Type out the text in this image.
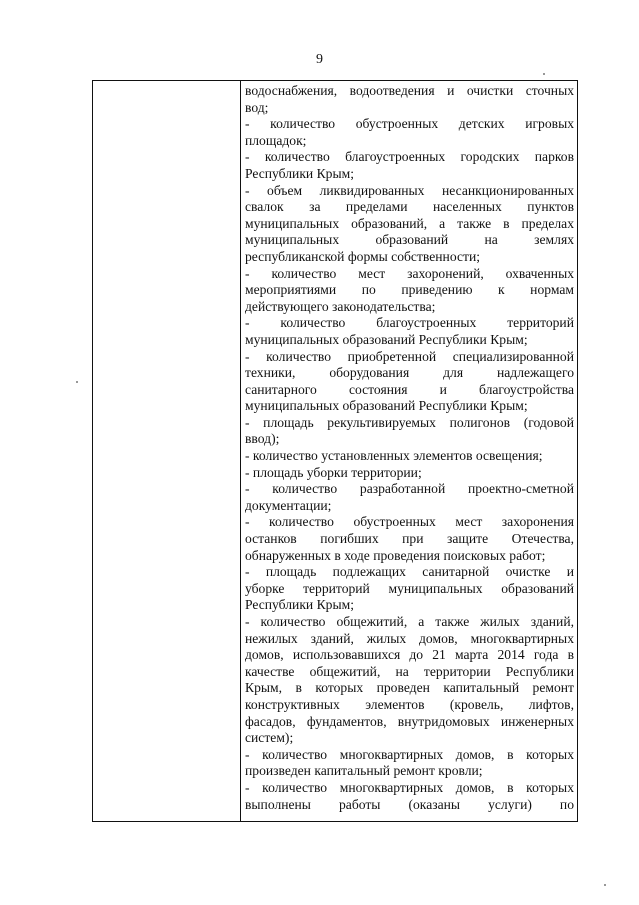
9
водоснабжения, водоотведения и очистки сточных
вод;
- количество обустроенных детских игровых
площадок;
- количество благоустроенных городских парков
Республики Крым;
- объем ликвидированных несанкционированных
свалок за пределами населенных пунктов
муниципальных образований, а также в пределах
муниципальных образований на землях
республиканской формы собственности;
- количество мест захоронений, охваченных
мероприятиями по приведению к нормам
действующего законодательства;
- количество благоустроенных территорий
муниципальных образований Республики Крым;
- количество приобретенной специализированной
техники, оборудования для надлежащего
санитарного состояния и благоустройства
муниципальных образований Республики Крым;
- площадь рекультивируемых полигонов (годовой
ввод);
- количество установленных элементов освещения;
- площадь уборки территории;
- количество разработанной проектно-сметной
документации;
- количество обустроенных мест захоронения
останков погибших при защите Отечества,
обнаруженных в ходе проведения поисковых работ;
- площадь подлежащих санитарной очистке и
уборке территорий муниципальных образований
Республики Крым;
- количество общежитий, а также жилых зданий,
нежилых зданий, жилых домов, многоквартирных
домов, использовавшихся до 21 марта 2014 года в
качестве общежитий, на территории Республики
Крым, в которых проведен капитальный ремонт
конструктивных элементов (кровель, лифтов,
фасадов, фундаментов, внутридомовых инженерных
систем);
- количество многоквартирных домов, в которых
произведен капитальный ремонт кровли;
- количество многоквартирных домов, в которых
выполнены работы (оказаны услуги) по
